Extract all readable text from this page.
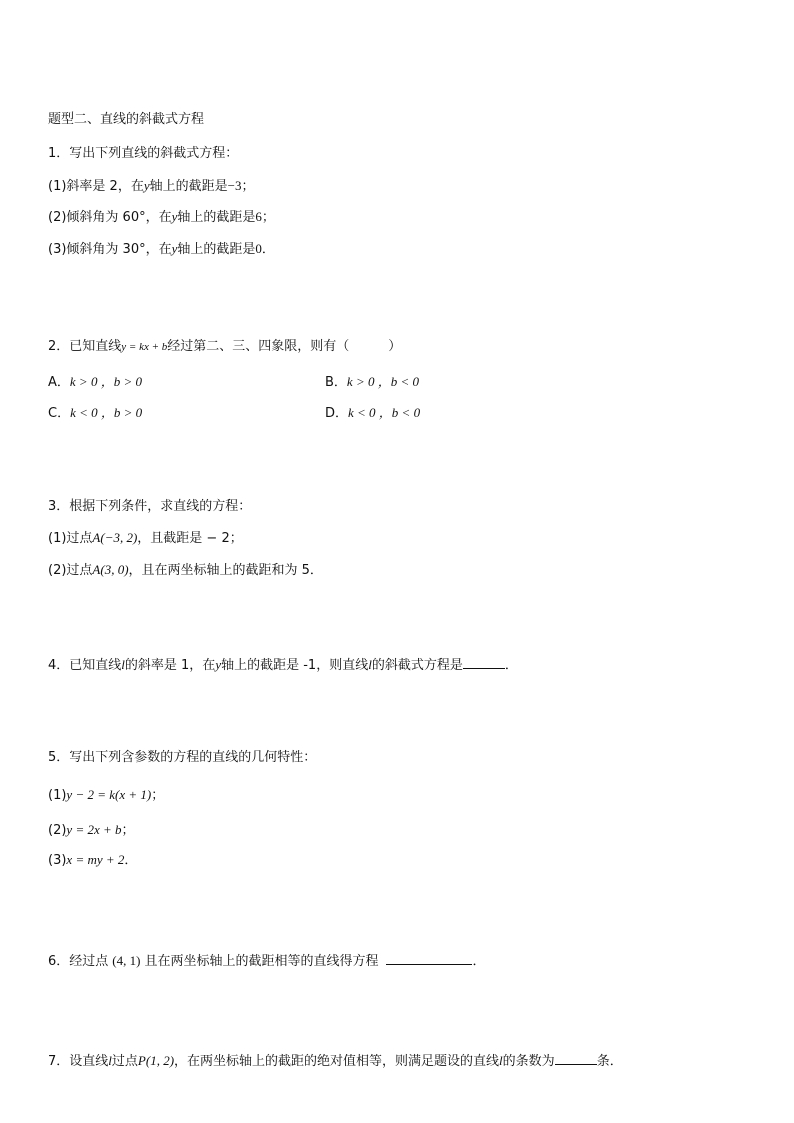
题型二、直线的斜截式方程
1．写出下列直线的斜截式方程：
(1)斜率是 2，在y轴上的截距是−3；
(2)倾斜角为 60°，在y轴上的截距是6；
(3)倾斜角为 30°，在y轴上的截距是0．
2．已知直线y = kx + b经过第二、三、四象限，则有（　　　）
A．k > 0 ，b > 0	B．k > 0 ，b < 0
C．k < 0 ，b > 0	D．k < 0 ，b < 0
3．根据下列条件，求直线的方程：
(1)过点A(−3, 2)，且截距是 − 2；
(2)过点A(3, 0)，且在两坐标轴上的截距和为 5．
4．已知直线l的斜率是 1，在y轴上的截距是 -1，则直线l的斜截式方程是	．
5．写出下列含参数的方程的直线的几何特性：
(1)y − 2 = k(x + 1)；
(2)y = 2x + b；
(3)x = my + 2．
6．经过点 (4, 1) 且在两坐标轴上的截距相等的直线得方程	．
7．设直线l过点P(1, 2)，在两坐标轴上的截距的绝对值相等，则满足题设的直线l的条数为	条．
